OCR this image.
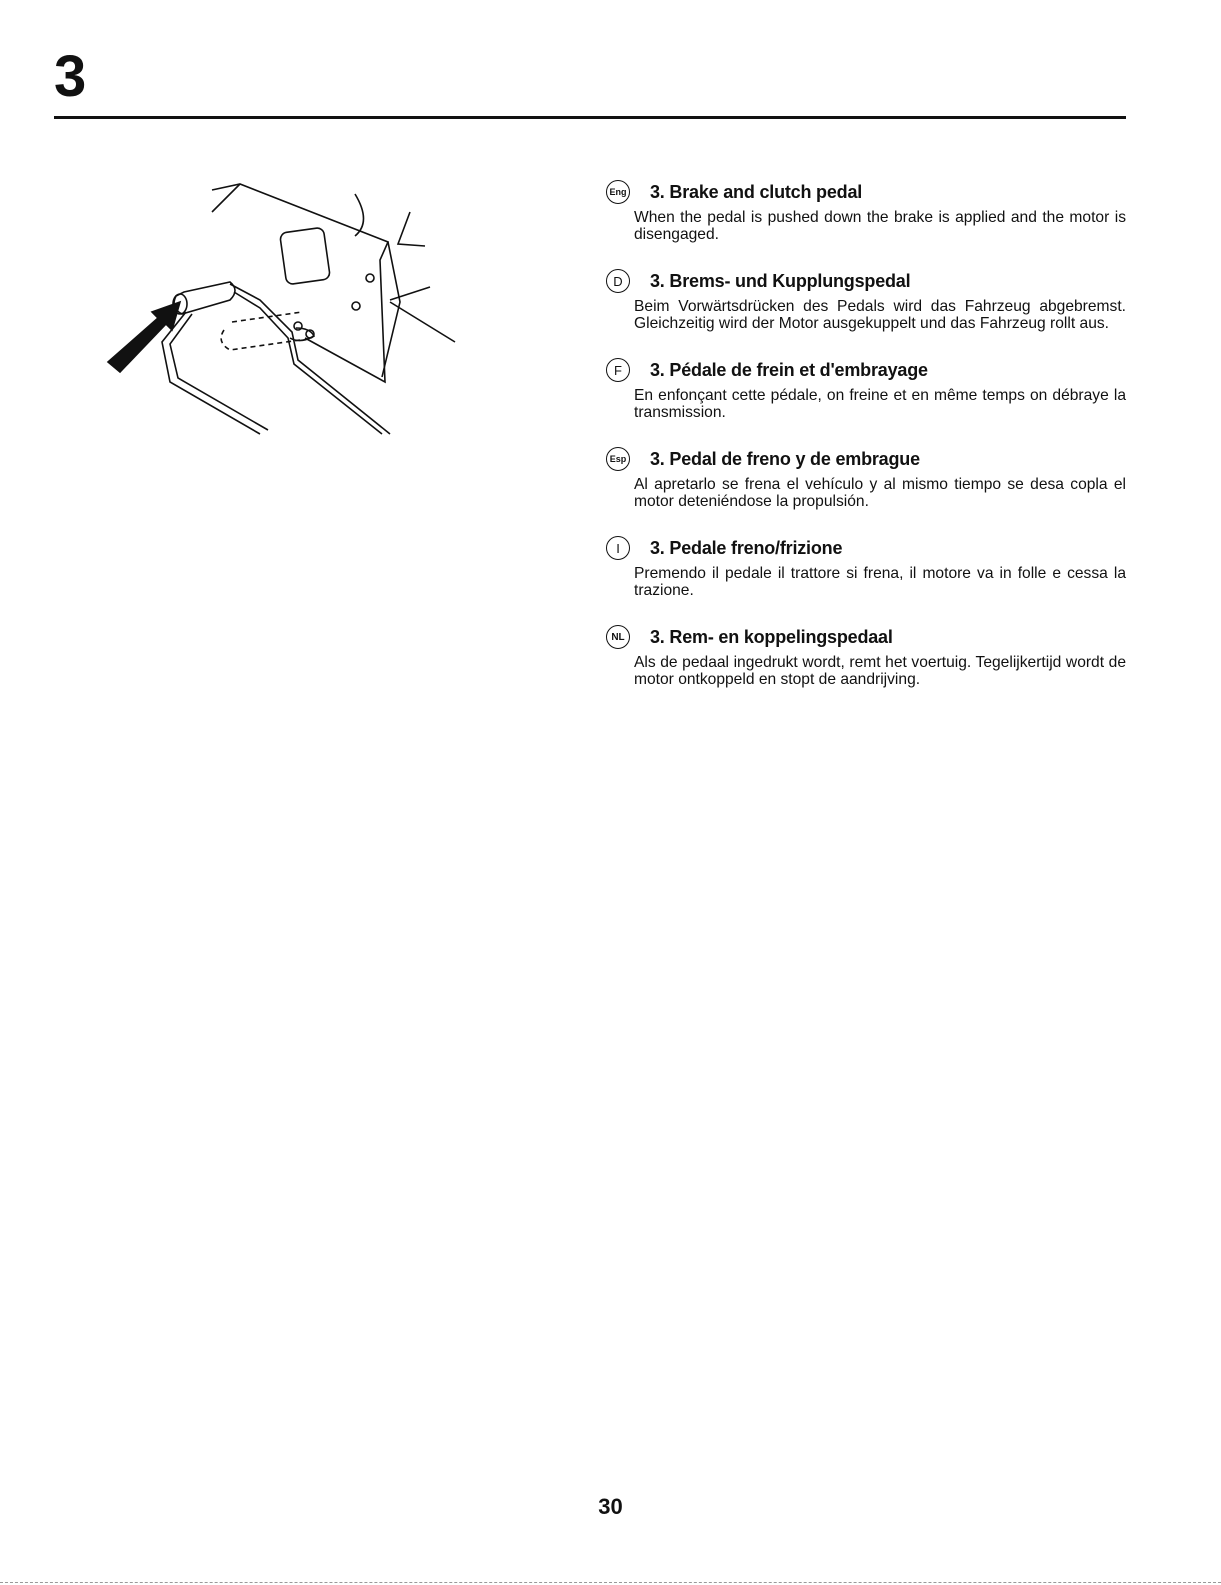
3
Eng 3. Brake and clutch pedal
When the pedal is pushed down the brake is applied and the motor is disengaged.
D	3. Brems- und Kupplungspedal
Beim Vorwärtsdrücken des Pedals wird das Fahrzeug abgebremst. Gleichzeitig wird der Motor ausgekuppelt und das Fahrzeug rollt aus.
F	3. Pédale de frein et d'embrayage
En enfonçant cette pédale, on freine et en même temps on débraye la transmission.
Esp 3. Pedal de freno y de embrague
Al apretarlo se frena el vehículo y al mismo tiempo se desa copla el motor deteniéndose la propulsión.
I	3. Pedale freno/frizione
Premendo il pedale il trattore si frena, il motore va in folle e cessa la trazione.
NL 3. Rem- en koppelingspedaal
Als de pedaal ingedrukt wordt, remt het voertuig. Tegelijkertijd wordt de motor ontkoppeld en stopt de aandrijving.
30
